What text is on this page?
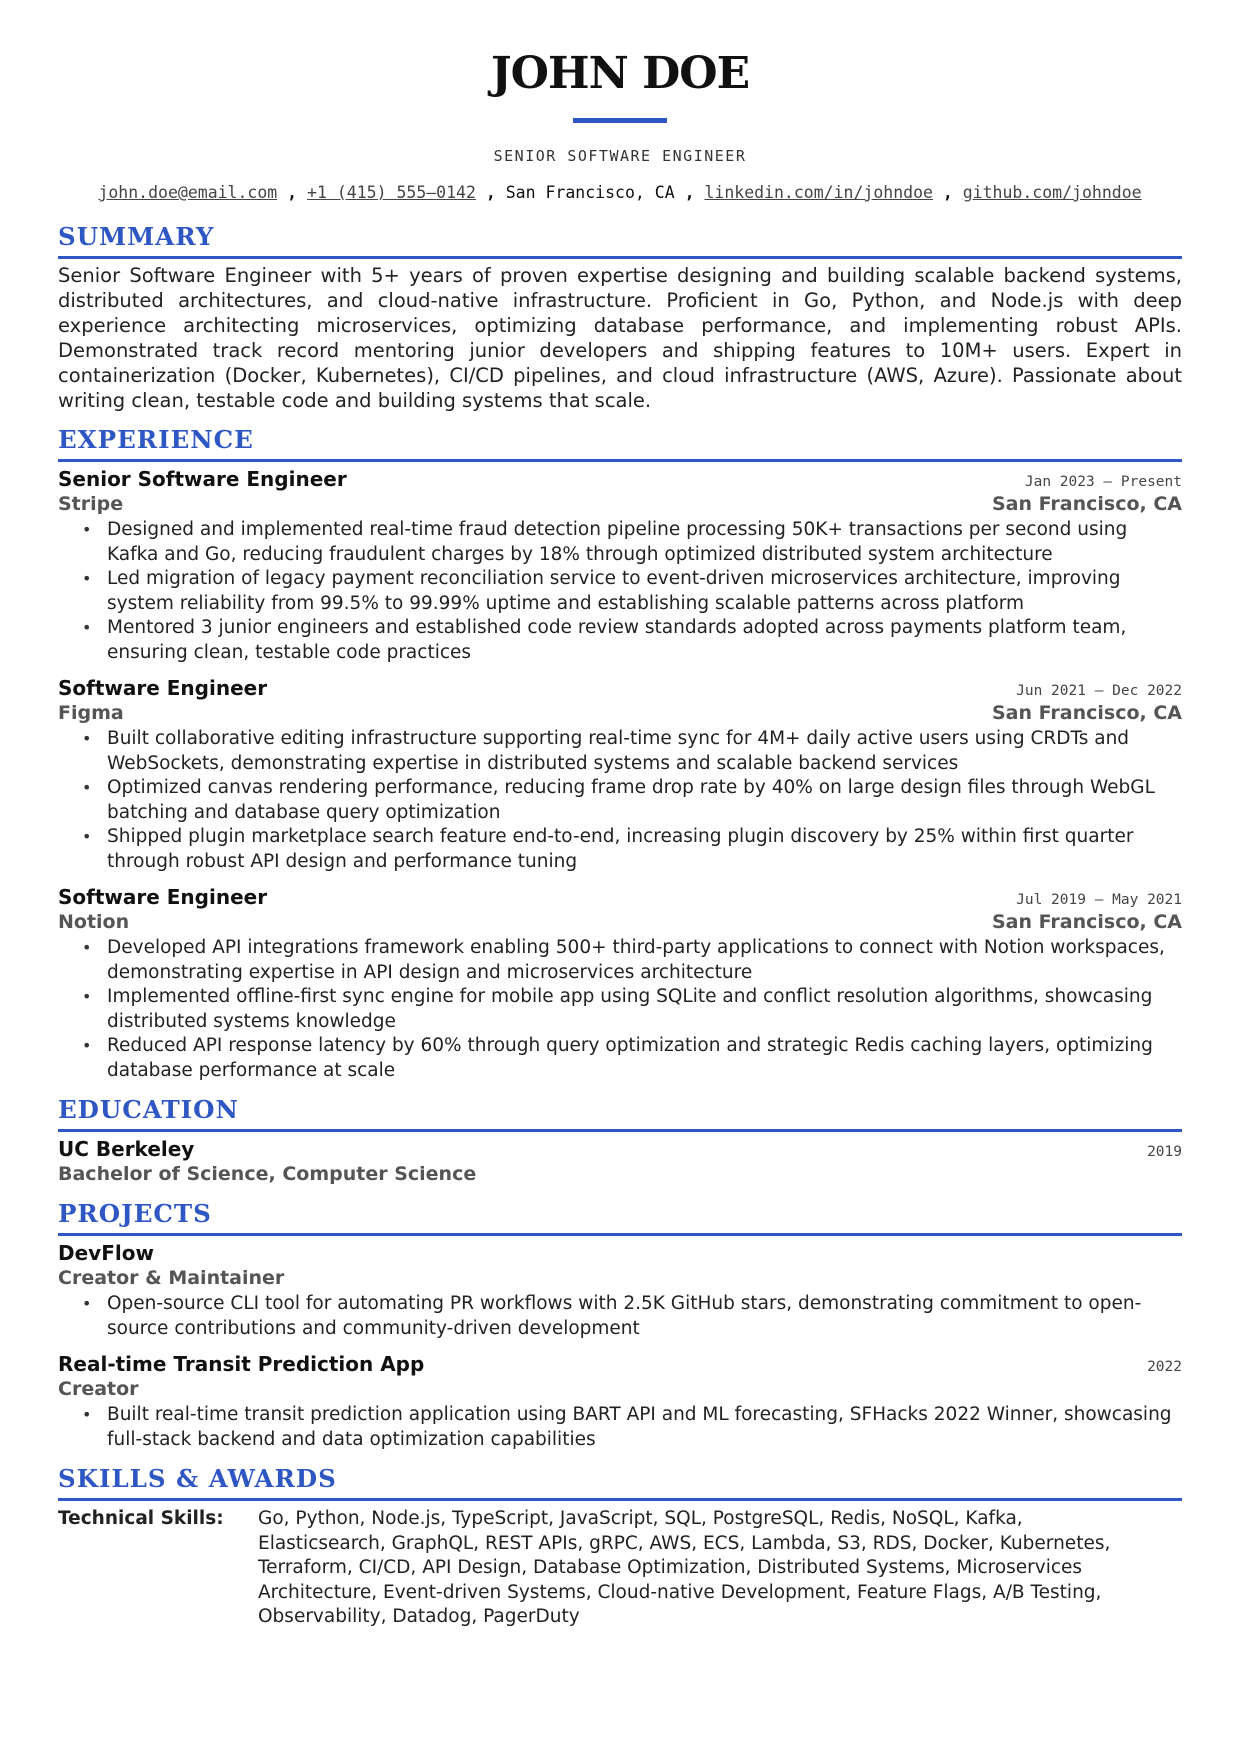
JOHN DOE
SENIOR SOFTWARE ENGINEER
john.doe@email.com , +1 (415) 555–0142 , San Francisco, CA , linkedin.com/in/johndoe , github.com/johndoe
SUMMARY
Senior Software Engineer with 5+ years of proven expertise designing and building scalable backend systems, distributed architectures, and cloud-native infrastructure. Proficient in Go, Python, and Node.js with deep experience architecting microservices, optimizing database performance, and implementing robust APIs. Demonstrated track record mentoring junior developers and shipping features to 10M+ users. Expert in containerization (Docker, Kubernetes), CI/CD pipelines, and cloud infrastructure (AWS, Azure). Passionate about writing clean, testable code and building systems that scale.
EXPERIENCE
Senior Software Engineer	Jan 2023 – Present
Stripe	San Francisco, CA
• Designed and implemented real-time fraud detection pipeline processing 50K+ transactions per second using Kafka and Go, reducing fraudulent charges by 18% through optimized distributed system architecture
• Led migration of legacy payment reconciliation service to event-driven microservices architecture, improving system reliability from 99.5% to 99.99% uptime and establishing scalable patterns across platform
• Mentored 3 junior engineers and established code review standards adopted across payments platform team, ensuring clean, testable code practices
Software Engineer	Jun 2021 – Dec 2022
Figma	San Francisco, CA
• Built collaborative editing infrastructure supporting real-time sync for 4M+ daily active users using CRDTs and WebSockets, demonstrating expertise in distributed systems and scalable backend services
• Optimized canvas rendering performance, reducing frame drop rate by 40% on large design files through WebGL batching and database query optimization
• Shipped plugin marketplace search feature end-to-end, increasing plugin discovery by 25% within first quarter through robust API design and performance tuning
Software Engineer	Jul 2019 – May 2021
Notion	San Francisco, CA
• Developed API integrations framework enabling 500+ third-party applications to connect with Notion workspaces, demonstrating expertise in API design and microservices architecture
• Implemented offline-first sync engine for mobile app using SQLite and conflict resolution algorithms, showcasing distributed systems knowledge
• Reduced API response latency by 60% through query optimization and strategic Redis caching layers, optimizing database performance at scale
EDUCATION
UC Berkeley	2019
Bachelor of Science, Computer Science
PROJECTS
DevFlow
Creator & Maintainer
• Open-source CLI tool for automating PR workflows with 2.5K GitHub stars, demonstrating commitment to open-source contributions and community-driven development
Real-time Transit Prediction App	2022
Creator
• Built real-time transit prediction application using BART API and ML forecasting, SFHacks 2022 Winner, showcasing full-stack backend and data optimization capabilities
SKILLS & AWARDS
Technical Skills:	Go, Python, Node.js, TypeScript, JavaScript, SQL, PostgreSQL, Redis, NoSQL, Kafka, Elasticsearch, GraphQL, REST APIs, gRPC, AWS, ECS, Lambda, S3, RDS, Docker, Kubernetes, Terraform, CI/CD, API Design, Database Optimization, Distributed Systems, Microservices Architecture, Event-driven Systems, Cloud-native Development, Feature Flags, A/B Testing, Observability, Datadog, PagerDuty
